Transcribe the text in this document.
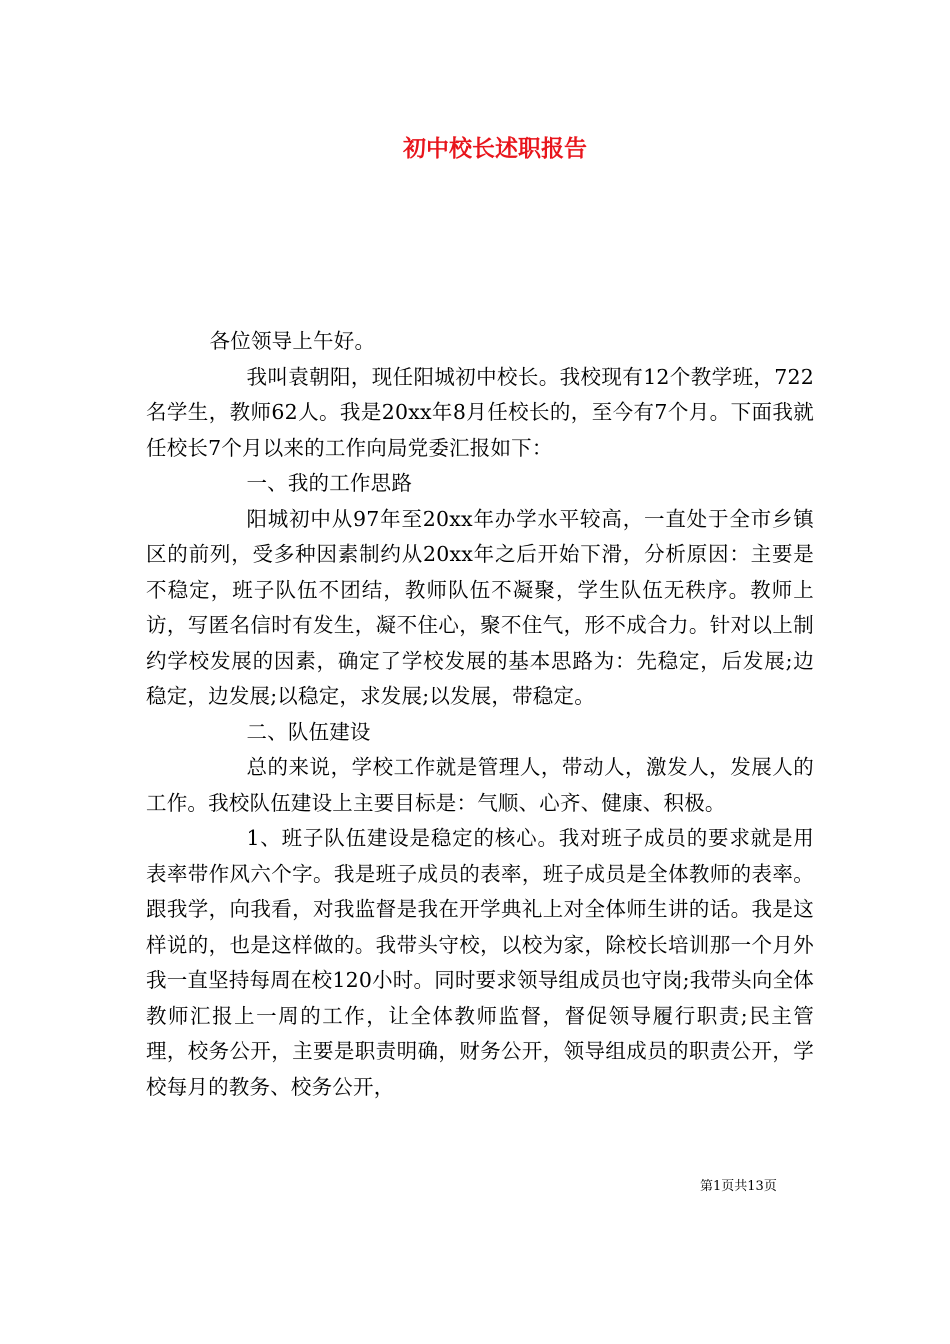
初中校长述职报告

各位领导上午好。

我叫袁朝阳，现任阳城初中校长。我校现有12个教学班，722名学生，教师62人。我是20xx年8月任校长的，至今有7个月。下面我就任校长7个月以来的工作向局党委汇报如下：

一、我的工作思路

阳城初中从97年至20xx年办学水平较高，一直处于全市乡镇区的前列，受多种因素制约从20xx年之后开始下滑，分析原因：主要是不稳定，班子队伍不团结，教师队伍不凝聚，学生队伍无秩序。教师上访，写匿名信时有发生，凝不住心，聚不住气，形不成合力。针对以上制约学校发展的因素，确定了学校发展的基本思路为：先稳定，后发展;边稳定，边发展;以稳定，求发展;以发展，带稳定。

二、队伍建设

总的来说，学校工作就是管理人，带动人，激发人，发展人的工作。我校队伍建设上主要目标是：气顺、心齐、健康、积极。

1、班子队伍建设是稳定的核心。我对班子成员的要求就是用表率带作风六个字。我是班子成员的表率，班子成员是全体教师的表率。跟我学，向我看，对我监督是我在开学典礼上对全体师生讲的话。我是这样说的，也是这样做的。我带头守校，以校为家，除校长培训那一个月外我一直坚持每周在校120小时。同时要求领导组成员也守岗;我带头向全体教师汇报上一周的工作，让全体教师监督，督促领导履行职责;民主管理，校务公开，主要是职责明确，财务公开，领导组成员的职责公开，学校每月的教务、校务公开，

第1页共13页
